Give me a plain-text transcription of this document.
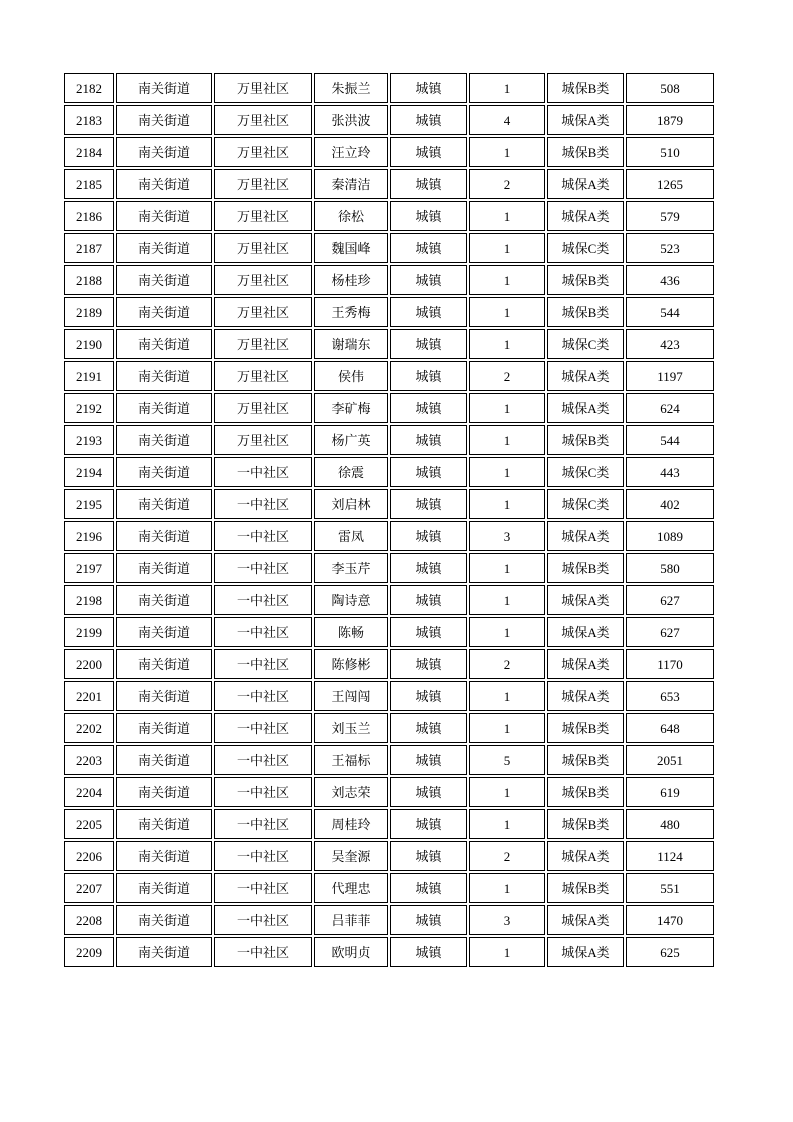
2182	南关街道	万里社区	朱振兰	城镇	1	城保B类	508
2183	南关街道	万里社区	张洪波	城镇	4	城保A类	1879
2184	南关街道	万里社区	汪立玲	城镇	1	城保B类	510
2185	南关街道	万里社区	秦清洁	城镇	2	城保A类	1265
2186	南关街道	万里社区	徐松	城镇	1	城保A类	579
2187	南关街道	万里社区	魏国峰	城镇	1	城保C类	523
2188	南关街道	万里社区	杨桂珍	城镇	1	城保B类	436
2189	南关街道	万里社区	王秀梅	城镇	1	城保B类	544
2190	南关街道	万里社区	谢瑞东	城镇	1	城保C类	423
2191	南关街道	万里社区	侯伟	城镇	2	城保A类	1197
2192	南关街道	万里社区	李矿梅	城镇	1	城保A类	624
2193	南关街道	万里社区	杨广英	城镇	1	城保B类	544
2194	南关街道	一中社区	徐震	城镇	1	城保C类	443
2195	南关街道	一中社区	刘启林	城镇	1	城保C类	402
2196	南关街道	一中社区	雷凤	城镇	3	城保A类	1089
2197	南关街道	一中社区	李玉芹	城镇	1	城保B类	580
2198	南关街道	一中社区	陶诗意	城镇	1	城保A类	627
2199	南关街道	一中社区	陈畅	城镇	1	城保A类	627
2200	南关街道	一中社区	陈修彬	城镇	2	城保A类	1170
2201	南关街道	一中社区	王闯闯	城镇	1	城保A类	653
2202	南关街道	一中社区	刘玉兰	城镇	1	城保B类	648
2203	南关街道	一中社区	王福标	城镇	5	城保B类	2051
2204	南关街道	一中社区	刘志荣	城镇	1	城保B类	619
2205	南关街道	一中社区	周桂玲	城镇	1	城保B类	480
2206	南关街道	一中社区	吴奎源	城镇	2	城保A类	1124
2207	南关街道	一中社区	代理忠	城镇	1	城保B类	551
2208	南关街道	一中社区	吕菲菲	城镇	3	城保A类	1470
2209	南关街道	一中社区	欧明贞	城镇	1	城保A类	625
